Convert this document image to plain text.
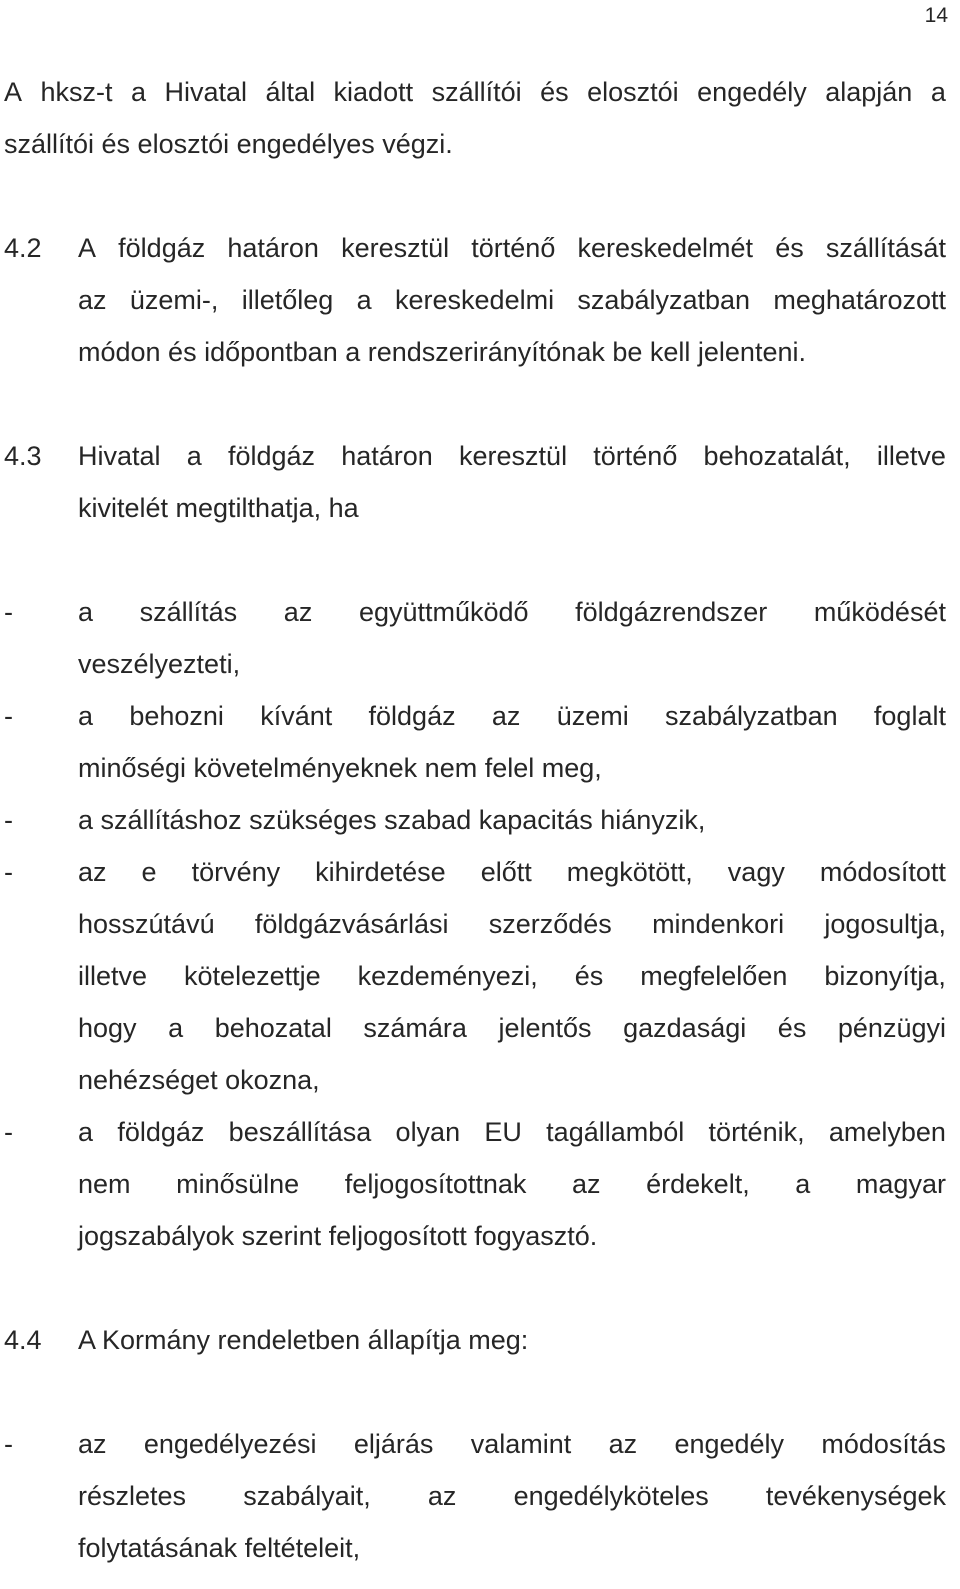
14
A hksz-t a Hivatal által kiadott szállítói és elosztói engedély alapján a
szállítói és elosztói engedélyes végzi.
4.2	A földgáz határon keresztül történő kereskedelmét és szállítását
az üzemi-, illetőleg a kereskedelmi szabályzatban meghatározott
módon és időpontban a rendszerirányítónak be kell jelenteni.
4.3	Hivatal a földgáz határon keresztül történő behozatalát, illetve
kivitelét megtilthatja, ha
-	a szállítás az együttműködő földgázrendszer működését
veszélyezteti,
-	a behozni kívánt földgáz az üzemi szabályzatban foglalt
minőségi követelményeknek nem felel meg,
-	a szállításhoz szükséges szabad kapacitás hiányzik,
-	az e törvény kihirdetése előtt megkötött, vagy módosított
hosszútávú földgázvásárlási szerződés mindenkori jogosultja,
illetve kötelezettje kezdeményezi, és megfelelően bizonyítja,
hogy a behozatal számára jelentős gazdasági és pénzügyi
nehézséget okozna,
-	a földgáz beszállítása olyan EU tagállamból történik, amelyben
nem minősülne feljogosítottnak az érdekelt, a magyar
jogszabályok szerint feljogosított fogyasztó.
4.4	A Kormány rendeletben állapítja meg:
-	az engedélyezési eljárás valamint az engedély módosítás
részletes szabályait, az engedélyköteles tevékenységek
folytatásának feltételeit,
